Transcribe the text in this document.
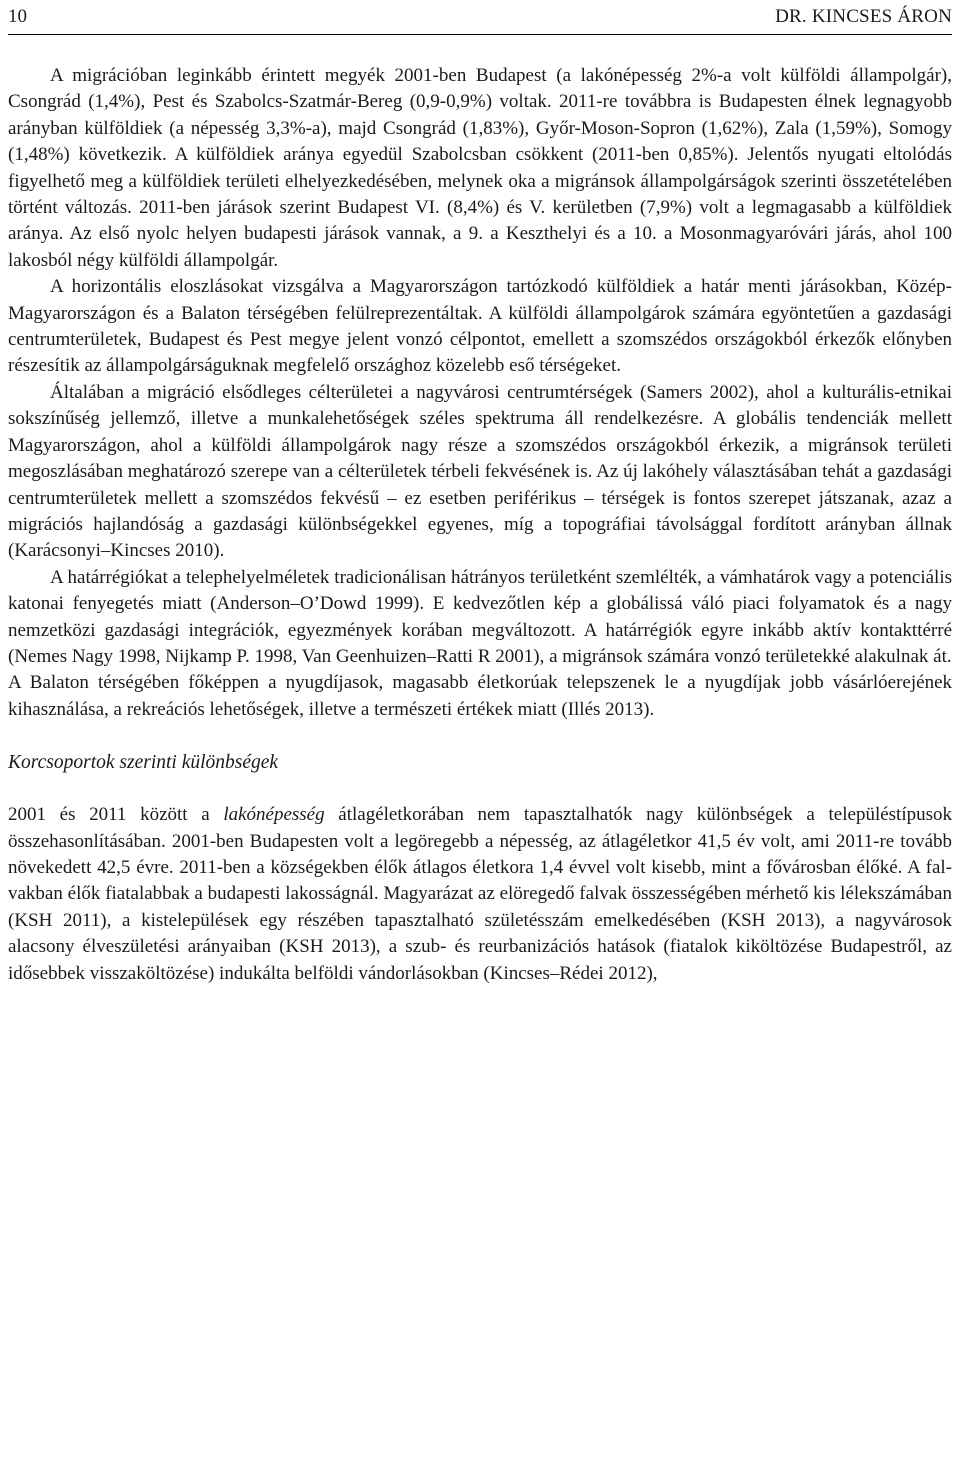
10	DR. KINCSES ÁRON

A migrációban leginkább érintett megyék 2001-ben Budapest (a lakónépesség 2%-a volt külföldi állampolgár), Csongrád (1,4%), Pest és Szabolcs-Szatmár-Bereg (0,9-0,9%) voltak. 2011-re továbbra is Budapesten élnek legnagyobb arányban külföldiek (a népesség 3,3%-a), majd Csongrád (1,83%), Győr-Moson-Sopron (1,62%), Zala (1,59%), Somogy (1,48%) következik. A külföldiek aránya egyedül Szabolcsban csökkent (2011-ben 0,85%). Jelentős nyugati eltolódás figyelhető meg a külföldiek területi elhelyezkedésében, melynek oka a migránsok állampolgárságok szerinti összetételében történt változás. 2011-ben járások szerint Budapest VI. (8,4%) és V. kerületben (7,9%) volt a legmagasabb a külföldiek aránya. Az első nyolc helyen budapesti járások vannak, a 9. a Keszthelyi és a 10. a Mosonmagyaróvári járás, ahol 100 lakosból négy külföldi állampolgár.

A horizontális eloszlásokat vizsgálva a Magyarországon tartózkodó külföldiek a határ menti járásokban, Közép-Magyarországon és a Balaton térségében felülreprezentáltak. A külföldi állampolgárok számára egyöntetűen a gazdasági centrumterületek, Budapest és Pest megye jelent vonzó célpontot, emellett a szomszédos országokból érkezők előnyben részesítik az állampolgárságuknak megfelelő országhoz közelebb eső térségeket.

Általában a migráció elsődleges célterületei a nagyvárosi centrumtérségek (Samers 2002), ahol a kulturális-etnikai sokszínűség jellemző, illetve a munkalehetőségek széles spektruma áll rendelkezésre. A globális tendenciák mellett Magyarországon, ahol a külföldi állampolgárok nagy része a szomszédos országokból érkezik, a migránsok területi megoszlásában meghatározó szerepe van a célterületek térbeli fekvésének is. Az új lakóhely választásában tehát a gazdasági centrumterületek mellett a szomszédos fekvésű – ez esetben periférikus – térségek is fontos szerepet játszanak, azaz a migrációs hajlandóság a gazdasági különbségekkel egyenes, míg a topográfiai távolsággal fordított arányban állnak (Karácsonyi–Kincses 2010).

A határrégiókat a telephelyelméletek tradicionálisan hátrányos területként szemlélték, a vámhatárok vagy a potenciális katonai fenyegetés miatt (Anderson–O’Dowd 1999). E kedvezőtlen kép a globálissá váló piaci folyamatok és a nagy nemzetközi gazdasági integrációk, egyezmények korában megváltozott. A határrégiók egyre inkább aktív kontakttérré (Nemes Nagy 1998, Nijkamp P. 1998, Van Geenhuizen–Ratti R 2001), a migránsok számára vonzó területekké alakulnak át.

A Balaton térségében főképpen a nyugdíjasok, magasabb életkorúak telepszenek le a nyugdíjak jobb vásárlóerejének kihasználása, a rekreációs lehetőségek, illetve a természeti értékek miatt (Illés 2013).

Korcsoportok szerinti különbségek

2001 és 2011 között a lakónépesség átlagéletkorában nem tapasztalhatók nagy különbségek a településtípusok összehasonlításában. 2001-ben Budapesten volt a legöregebb a népesség, az átlagéletkor 41,5 év volt, ami 2011-re tovább növekedett 42,5 évre. 2011-ben a községekben élők átlagos életkora 1,4 évvel volt kisebb, mint a fővárosban élőké. A falvakban élők fiatalabbak a budapesti lakosságnál. Magyarázat az elöregedő falvak összességében mérhető kis lélekszámában (KSH 2011), a kistelepülések egy részében tapasztalható születésszám emelkedésében (KSH 2013), a nagyvárosok alacsony élveszületési arányaiban (KSH 2013), a szub- és reurbanizációs hatások (fiatalok kiköltözése Budapestről, az idősebbek visszaköltözése) indukálta belföldi vándorlásokban (Kincses–Rédei 2012),
